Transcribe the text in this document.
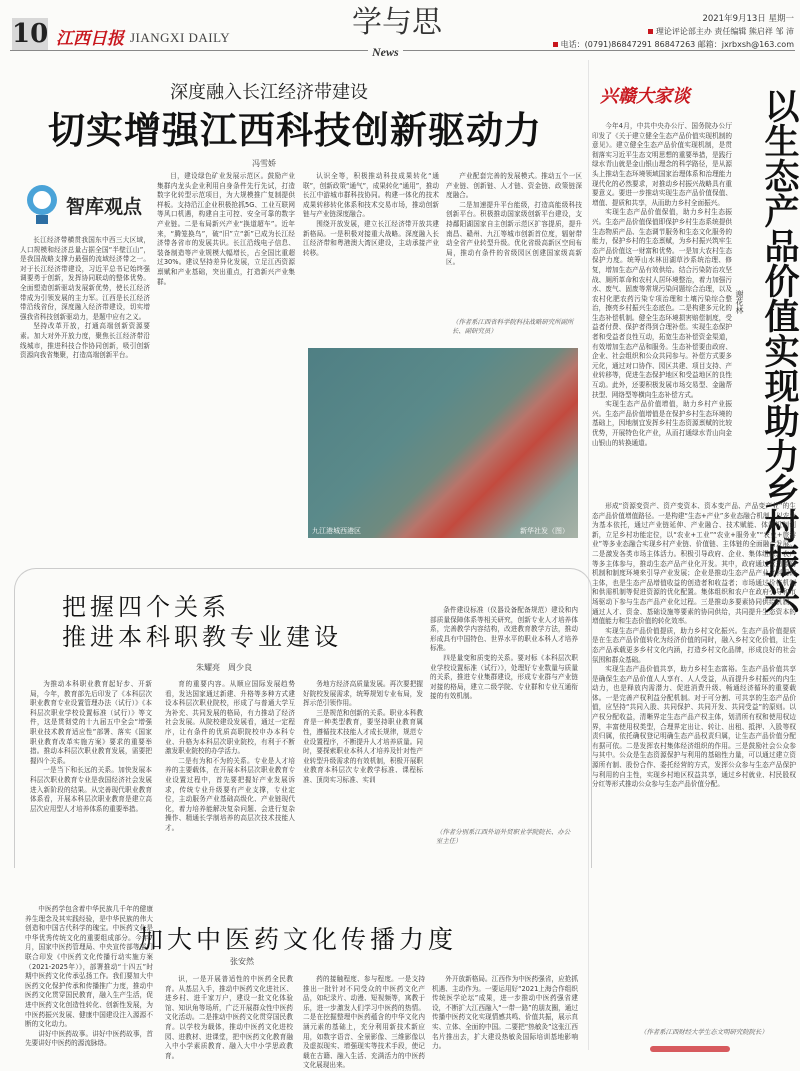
10 江西日报 JIANGXI DAILY	学与思
News
2021年9月13日 星期一
理论评论部主办 责任编辑 熊启祥 邹 沛
电话：(0791)86847291 86847263 邮箱：jxrbxsh@163.com
深度融入长江经济带建设
切实增强江西科技创新驱动力
冯雪娇
智库观点

长江经济带横贯我国东中西三大区域，人口规模和经济总量占据全国“半壁江山”，是我国战略支撑力最强的流域经济带之一。对于长江经济带建设，习近平总书记始终强调要勇于创新，发挥协同联动的整体优势。全面塑造创新驱动发展新优势，使长江经济带成为引领发展的主力军。江西是长江经济带沿线省份，深度融入经济带建设，切实增强我省科技创新驱动力，是题中应有之义。

坚持改革开放，打通高端创新资源要素。加大对外开放力度，聚焦长江经济带沿线城市，推进科技合作协同创新，吸引创新资源向我省集聚，打造高端创新平台。

目，建设绿色矿业发展示范区。鼓励产业集群内龙头企业利用自身条件先行先试，打造数字化转型示范项目，为大规模推广复制提供样板。支持沿江企业积极抢抓5G、工业互联网等风口机遇，构建自主可控、安全可靠的数字产业链。二是布局新兴产业“换道超车”。近年来，“腾笼换鸟”，破“旧”立“新”已成为长江经济带各省市的发展共识。长江沿线电子信息、装备制造等产业规模大幅增长，占全国比重超过30%。建议坚持差异化发展，立足江西资源禀赋和产业基础，突出重点，打造新兴产业集群。

认识全等，积极推动科技成果转化“通联”，创新政策“通气”，成果转化“通用”，推动长江中游城市群科技协同。构建一体化的技术成果转移转化体系和技术交易市场，推动创新链与产业链深度融合。

围绕开放发展，建立长江经济带开放共建新格局。一是积极对接重大战略。深度融入长江经济带和粤港澳大湾区建设，主动承接产业转移。

产业配套完善的发展模式。推动五个一区产业链、创新链、人才链、资金链、政策链深度融合。

二是加速提升平台能级，打造高能级科技创新平台。积极推动国家级创新平台建设，支持鄱阳湖国家自主创新示范区扩容提质，提升南昌、赣州、九江等城市创新首位度，辐射带动全省产业转型升级。优化省级高新区空间布局，推动有条件的省级园区创建国家级高新区。

（作者系江西省科学院科技战略研究所副所长、副研究员）
九江港城西港区	新华社发（图）
兴赣大家谈 以生态产品价值实现助力乡村振兴
谢花林

今年4月，中共中央办公厅、国务院办公厅印发了《关于建立健全生态产品价值实现机制的意见》。建立健全生态产品价值实现机制，是贯彻落实习近平生态文明思想的重要举措，是践行绿水青山就是金山银山理念的科学路径，是从源头上推动生态环境领域国家治理体系和治理能力现代化的必然要求，对推动乡村振兴战略具有重要意义。要进一步推动实现生态产品价值保值、增值、提质和共享，从而助力乡村全面振兴。

实现生态产品价值保值，助力乡村生态振兴。生态产品价值保值即保护乡村生态系统提供生态物质产品、生态调节服务和生态文化服务的能力，保护乡村的生态禀赋，为乡村振兴筑牢生态产品价值这一财富和优势。一是加大农村生态保护力度。统筹山水林田湖草沙系统治理、修复，增加生态产品有效供给。结合污染防治攻坚战、厕所革命和农村人居环境整治，着力加强污水、废气、固废等常规污染问题综合治理，以及农村化肥农药污染专项治理和土壤污染综合整治，擦亮乡村振兴生态底色。二是构建多元化的生态补偿机制。健全生态环境损害赔偿制度，受益者付费、保护者得到合理补偿。实现生态保护者和受益者良性互动，拓宽生态补偿资金渠道，有效增加生态产品和服务。生态补偿要由政府、企业、社会组织和公众共同参与。补偿方式要多元化，通过对口协作、园区共建、项目支持、产业转移等，促进生态保护地区和受益地区的良性互动。此外，还要积极发展市场交易型、金融帮扶型、网络型等横向生态补偿方式。

实现生态产品价值增值，助力乡村产业振兴。生态产品价值增值是在保护乡村生态环境的基础上，因地制宜发挥乡村生态资源禀赋的比较优势，开展特色化产业，从而打通绿水青山向金山银山的转换通道。

形成“资源变资产、资产变资本、资本变产品、产品变产业”的生态产品价值增值路径。一是构建“生态+产业”多业态融合机制。以农业为基本依托，通过产业链延伸、产业融合、技术赋能、体制机制创新，立足乡村功能定位，以“农业+工业”“农业+服务业”“农业+旅游业”等多业态融合实现乡村产业链、价值链、主体链的全面融合发展。二是激发各类市场主体活力。积极引导政府、企业、集体组织、农户等多主体参与，推动生态产品产业化开发。其中，政府通过营造激励机制和制度环境来引导产业发展；企业是推动生态产品产业化利用的主体，也是生态产品增值收益的创造者和收益者；市场通过价格机制和供需机制等促进资源的优化配置。集体组织和农户在政府引导和市场驱动下参与生态产品产业化过程。三是推动多要素协同供给机制。通过人才、资金、基础设施等要素的协同供给，共同提升生态资本的增值能力和生态价值的转化效率。

实现生态产品价值提质，助力乡村文化振兴。生态产品价值提质是在生态产品价值转化为经济价值的同时，融入乡村文化价值，让生态产品承载更多乡村文化内涵，打造乡村文化品牌，形成良好的社会氛围和群众基础。

实现生态产品价值共享，助力乡村生态富裕。生态产品价值共享是确保生态产品价值人人享有、人人受益，从而提升乡村振兴的内生动力，也是释放内需潜力、促进消费升级、畅通经济循环的重要载体。一是完善产权利益分配机制。对于可分割、可共享的生态产品价值，应坚持“共同入股、共同保护、共同开发、共同受益”的原则。以产权分配收益，清晰界定生态产品产权主体，划清所有权和使用权边界，丰富使用权类型，合理界定出让、转让、出租、抵押、入股等权责归属，依托确权登记明确生态产品权责归属，让生态产品价值分配有据可依。二是发挥农村集体经济组织的作用。三是鼓励社会公众参与其中。公众是生态资源保护与利用的基础性力量，可以通过建立资源所有制、股份合作、委托经营的方式，发挥公众参与生态产品保护与利用的自主性，实现乡村地区权益共享，通过乡村就业、村民股权分红等形式推动公众参与生态产品价值分配。

（作者系江西财经大学生态文明研究院院长）
把握四个关系
推进本科职教专业建设
朱耀亮　周少良

为推动本科职业教育起好步、开新局，今年，教育部先后印发了《本科层次职业教育专业设置管理办法（试行）》《本科层次职业学校设置标准（试行）》等文件，这是贯彻党的十九届五中全会“增强职业技术教育适应性”部署、落实《国家职业教育改革实施方案》要求的重要举措。推动本科层次职业教育发展，需要把握四个关系。

一是当下和长远的关系。加快发展本科层次职业教育专业是我国经济社会发展进入新阶段的结果。从完善现代职业教育体系看，开展本科层次职业教育是建立高层次应用型人才培养体系的重要举措。

育的重要内容。从顺应国际发展趋势看，发达国家通过新建、升格等多种方式建设本科层次职业院校，形成了与普通大学互为补充、共同发展的格局，有力推动了经济社会发展。从院校建设发展看，通过一定程序，让有条件的优质高职院校申办本科专业、升格为本科层次职业院校，有利于不断激发职业院校的办学活力。

二是有为和不为的关系。专业是人才培养的主要载体，在开展本科层次职业教育专业设置过程中，首先要把握好产业发展诉求，传统专业升级要有产业支撑，专业定位，主动服务产业基础高级化、产业链现代化，着力培养能解决复杂问题、会进行复杂操作、精通长学制培养的高层次技术技能人才。

务地方经济高质量发展。再次要把握好院校发展需求，统筹规划专业布局，发挥示范引领作用。

三是规范和创新的关系。职业本科教育是一种类型教育，要坚持职业教育属性，遵循技术技能人才成长规律，规范专业设置程序，不断提升人才培养质量。同时，要探索职业本科人才培养及针对性产业转型升级需求的有效机制，积极开展职业教育本科层次专业教学标准、课程标准、顶岗实习标准、实训

条件建设标准（仪器设备配备规范）建设和内部质量保障体系等相关研究，创新专业人才培养体系，完善教学内容结构，改进教育教学方法，推动形成具有中国特色、世界水平的职业本科人才培养标准。

四是量变和质变的关系。要对标《本科层次职业学校设置标准（试行）》，处理好专业数量与质量的关系，推进专业集群建设，形成专业群与产业链对接的格局，建立二级学院、专业群和专业互通衔接的有效机制。

（作者分别系江西外语外贸职业学院院长、办公室主任）
加大中医药文化传播力度
张安然

中医药学包含着中华民族几千年的健康养生理念及其实践经验，是中华民族的伟大创造和中国古代科学的瑰宝。中医药文化是中华优秀传统文化的重要组成部分。今年7月，国家中医药管理局、中央宣传部等部门联合印发《中医药文化传播行动实施方案（2021-2025年）》，部署推动“十四五”时期中医药文化传承弘扬工作。我们要加大中医药文化保护传承和传播推广力度，推动中医药文化贯穿国民教育，融入生产生活，促进中医药文化创造性转化、创新性发展，为中医药振兴发展、健康中国建设注入源源不断的文化动力。

讲好中医药故事。讲好中医药故事，首先要讲好中医药的源流脉络。

识，一是开展普适性的中医药全民教育。从基层入手，推动中医药文化进社区、进乡村、进千家万户，建设一批文化体验馆、知识角等场所，广泛开展群众性中医药文化活动。二是推动中医药文化贯穿国民教育。以学校为载体，推动中医药文化进校园、进教材、进课堂，把中医药文化教育融入中小学素质教育、融入大中小学思政教育。

药的接触程度、参与程度。一是支持推出一批针对不同受众的中医药文化产品，如纪录片、动漫、短视频等，寓教于乐，进一步激发人们学习中医药的热情。二是在挖掘整理中医药蕴含的中华文化内涵元素的基础上，充分利用新技术新应用，如数字语音、全景影像、三维影像以及虚拟现实、增强现实等技术手段，使记载在古籍、融入生活、充满活力的中医药文化展现出来。

外开放新格局。江西作为中医药强省，应抢抓机遇、主动作为。一要运用好“2021上海合作组织传统医学论坛”成果，进一步推动中医药强省建设，不断扩大江西融入“一带一路”的朋友圈，通过传播中医药文化实现情感共鸣、价值共振，展示真实、立体、全面的中国。二要把“热敏灸”这张江西名片推出去，扩大建设热敏灸国际培训基地影响力。
